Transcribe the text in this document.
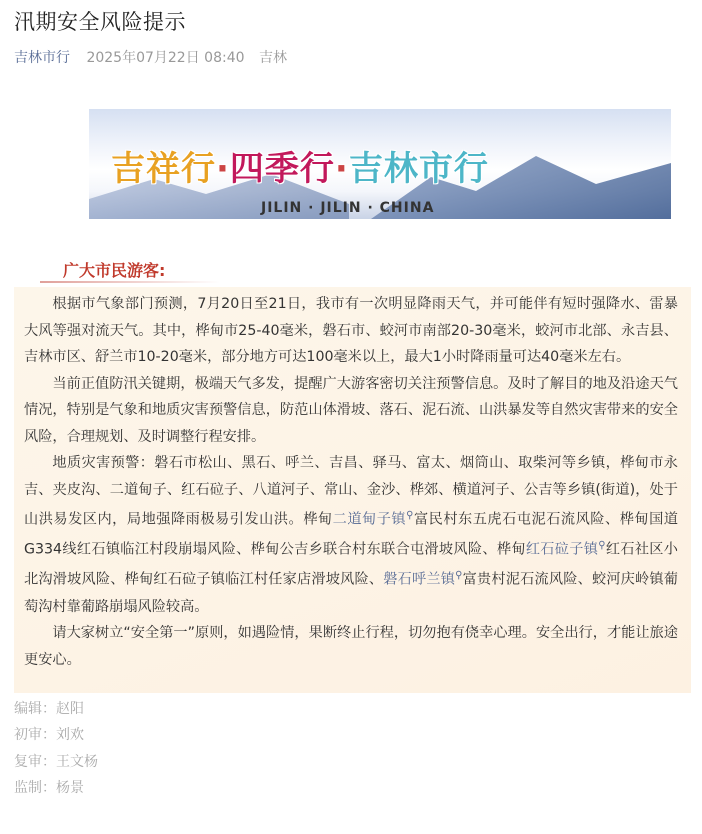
汛期安全风险提示
吉林市行 2025年07月22日 08:40 吉林
吉祥行·四季行·吉林市行
JILIN · JILIN · CHINA
广大市民游客:

根据市气象部门预测，7月20日至21日，我市有一次明显降雨天气，并可能伴有短时强降水、雷暴大风等强对流天气。其中，桦甸市25-40毫米，磐石市、蛟河市南部20-30毫米，蛟河市北部、永吉县、吉林市区、舒兰市10-20毫米，部分地方可达100毫米以上，最大1小时降雨量可达40毫米左右。

当前正值防汛关键期，极端天气多发，提醒广大游客密切关注预警信息。及时了解目的地及沿途天气情况，特别是气象和地质灾害预警信息，防范山体滑坡、落石、泥石流、山洪暴发等自然灾害带来的安全风险，合理规划、及时调整行程安排。

地质灾害预警：磐石市松山、黑石、呼兰、吉昌、驿马、富太、烟筒山、取柴河等乡镇，桦甸市永吉、夹皮沟、二道甸子、红石砬子、八道河子、常山、金沙、桦郊、横道河子、公吉等乡镇(街道)，处于山洪易发区内，局地强降雨极易引发山洪。桦甸二道甸子镇⚲富民村东五虎石屯泥石流风险、桦甸国道G334线红石镇临江村段崩塌风险、桦甸公吉乡联合村东联合屯滑坡风险、桦甸红石砬子镇⚲红石社区小北沟滑坡风险、桦甸红石砬子镇临江村任家店滑坡风险、磐石呼兰镇⚲富贵村泥石流风险、蛟河庆岭镇葡萄沟村靠葡路崩塌风险较高。

请大家树立“安全第一”原则，如遇险情，果断终止行程，切勿抱有侥幸心理。安全出行，才能让旅途更安心。

编辑：赵阳
初审：刘欢
复审：王文杨
监制：杨景
